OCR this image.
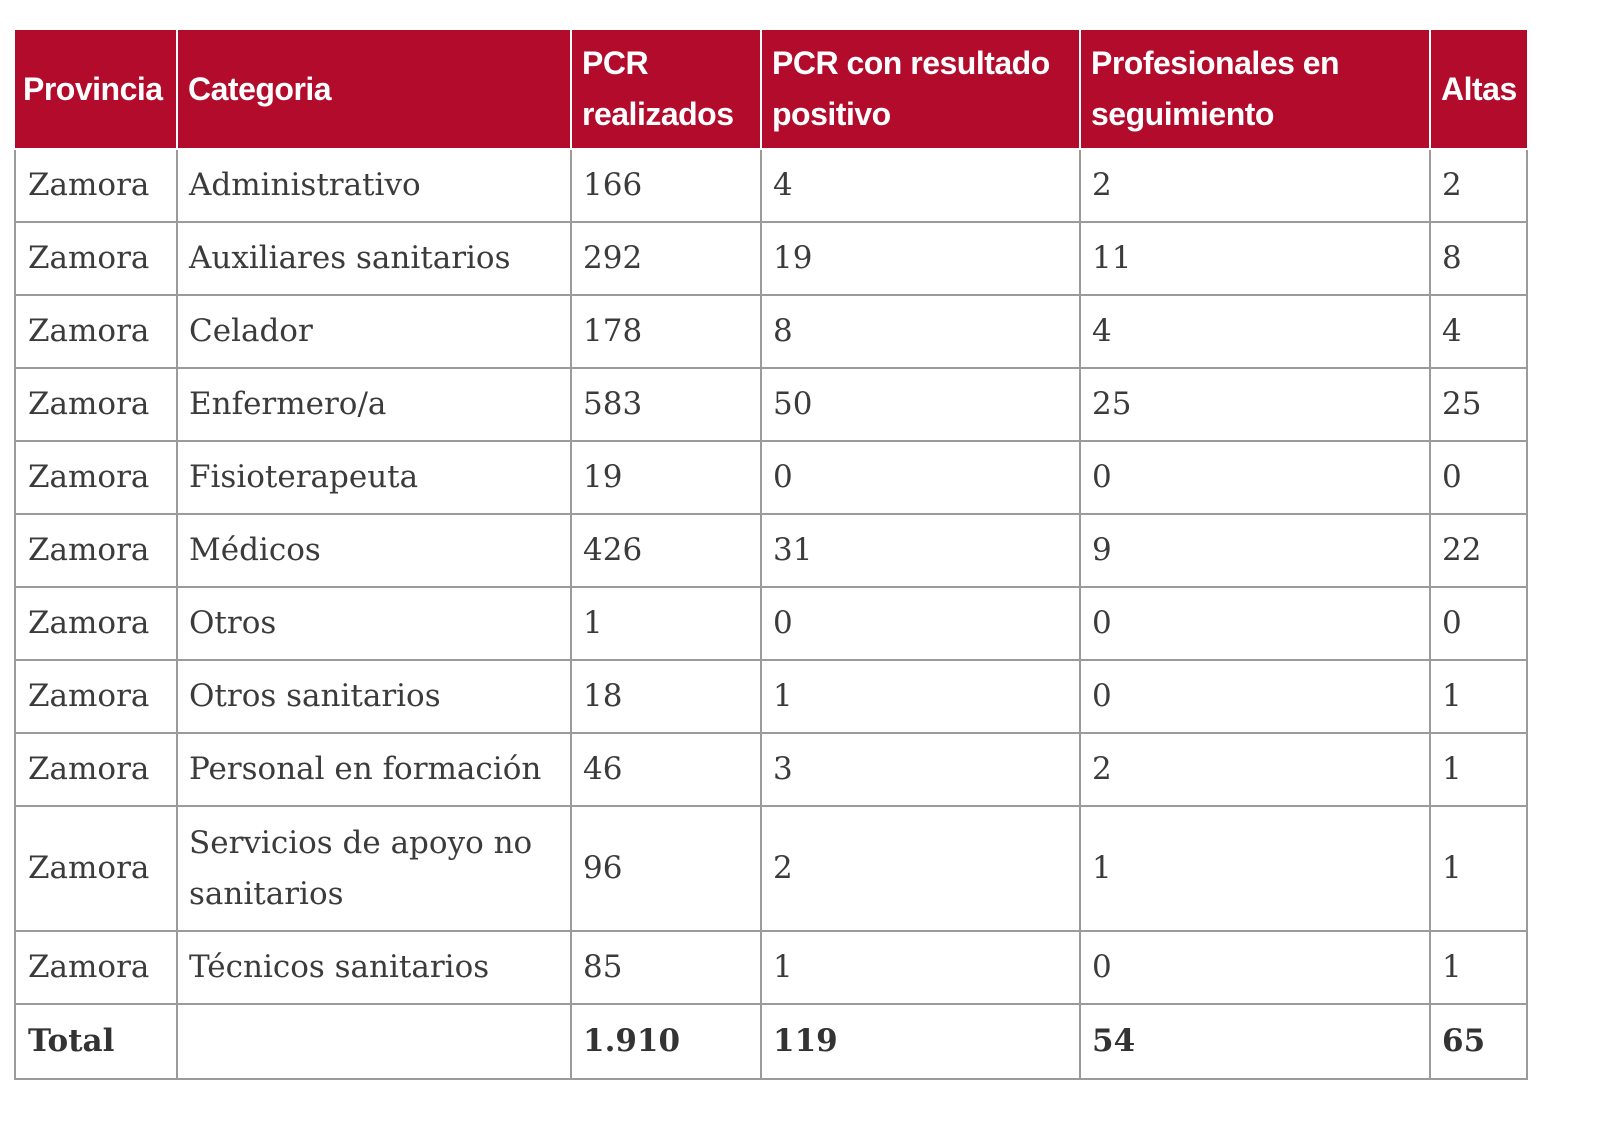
Provincia	Categoria	PCR realizados	PCR con resultado positivo	Profesionales en seguimiento	Altas
Zamora	Administrativo	166	4	2	2
Zamora	Auxiliares sanitarios	292	19	11	8
Zamora	Celador	178	8	4	4
Zamora	Enfermero/a	583	50	25	25
Zamora	Fisioterapeuta	19	0	0	0
Zamora	Médicos	426	31	9	22
Zamora	Otros	1	0	0	0
Zamora	Otros sanitarios	18	1	0	1
Zamora	Personal en formación	46	3	2	1
Zamora	Servicios de apoyo no sanitarios	96	2	1	1
Zamora	Técnicos sanitarios	85	1	0	1
Total		1.910	119	54	65
